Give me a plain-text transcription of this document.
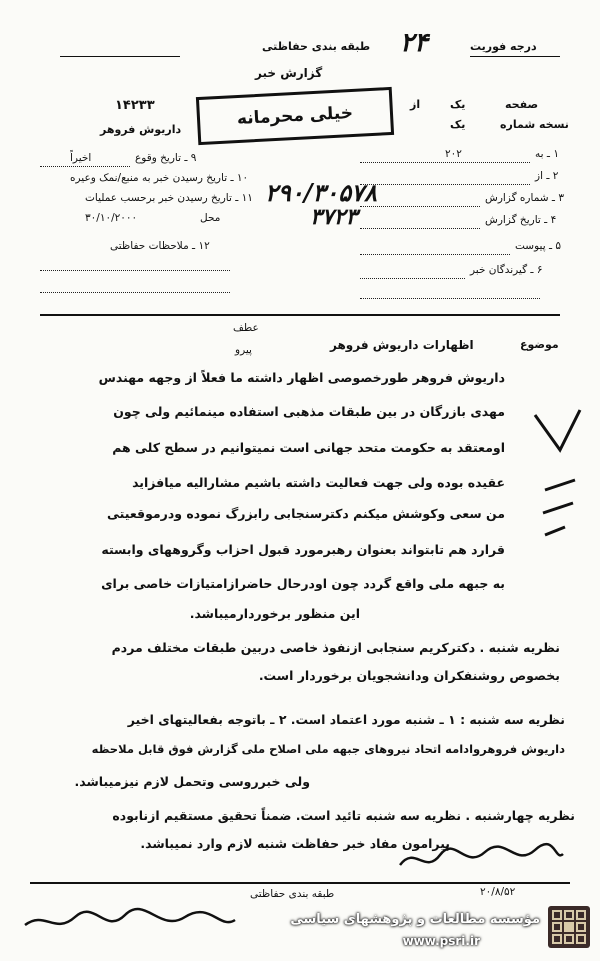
درجه فوریت
طبقه بندی حفاظتی ۲۴
گزارش خبر
صفحه
یک
از
نسخه شماره
یک
۱۴۲۳۳
داریوش فروهر
خیلی محرمانه
۹ ـ تاریخ وقوع
اخیراً
۱۰ ـ تاریخ رسیدن خبر به منبع/نمک وعیره
۱۱ ـ تاریخ رسیدن خبر برحسب عملیات
محل
۳۰/۱۰/۲۰۰۰
۱۲ ـ ملاحظات حفاظتی
۱ ـ به
۲۰۲
۲ ـ از
۳ ـ شماره گزارش
۴ ـ تاریخ گزارش
۵ ـ پیوست
۶ ـ گیرندگان خبر
۲۹۰/۳۰۵۷۸
۳۷۲۳
عطف
پیرو	موضوع
اظهارات داریوش فروهر
داریوش فروهر طورخصوصی اظهار داشته ما فعلاً از وجهه مهندس
مهدی بازرگان در بین طبقات مذهبی استفاده مینمائیم ولی چون
اومعتقد به حکومت متحد جهانی است نمیتوانیم در سطح کلی هم
عقیده بوده ولی جهت فعالیت داشته باشیم مشارالیه میافزاید
من سعی وکوشش میکنم دکترسنجابی رابزرگ نموده ودرموقعیتی
قرارد هم تابتواند بعنوان رهبرمورد قبول احزاب وگروههای وابسته
به جبهه ملی واقع گردد چون اودرحال حاضرازامتیازات خاصی برای
این منظور برخوردارمیباشد.
نظریه شنبه . دکترکریم سنجابی ازنفوذ خاصی دربین طبقات مختلف مردم
بخصوص روشنفکران ودانشجویان برخوردار است.
نظریه سه شنبه : ۱ ـ شنبه مورد اعتماد است. ۲ ـ باتوجه بفعالیتهای اخیر
داریوش فروهروادامه اتحاد نیروهای جبهه ملی اصلاح ملی گزارش فوق قابل ملاحظه
ولی خبرروسی وتحمل لازم نیزمیباشد.
نظریه چهارشنبه . نظریه سه شنبه تائید است. ضمناً تحقیق مستقیم ازنابوده
پیرامون مفاد خبر حفاظت شنبه لازم وارد نمیباشد.
طبقه بندی حفاظتی	۲۰/۸/۵۲
مؤسسه مطالعات و پژوهشهای سیاسی
www.psri.ir
